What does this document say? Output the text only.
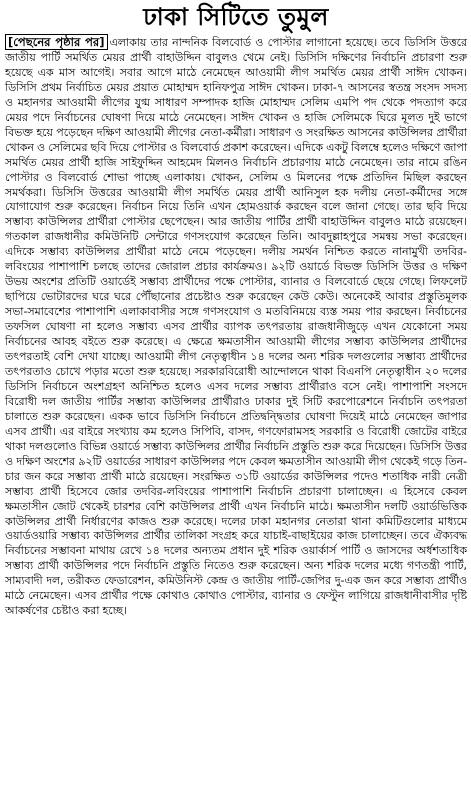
ঢাকা সিটিতে তুমুল

[পেছনের পৃষ্ঠার পর] এলাকায় তার নান্দনিক বিলবোর্ড ও পোস্টার লাগানো হয়েছে। তবে ডিসিসি উত্তরে জাতীয় পার্টি সমর্থিত মেয়র প্রার্থী বাহাউদ্দিন বাবুলও থেমে নেই। ডিসিসি দক্ষিণের নির্বাচনি প্রচারণা শুরু হয়েছে এক মাস আগেই। সবার আগে মাঠে নেমেছেন আওয়ামী লীগ সমর্থিত মেয়র প্রার্থী সাঈদ খোকন। ডিসিসি প্রথম নির্বাচিত মেয়র প্রয়াত মোহাম্মদ হানিফপুত্র সাঈদ খোকন। ঢাকা-৭ আসনের স্বতন্ত্র সংসদ সদস্য ও মহানগর আওয়ামী লীগের যুগ্ম সাধারণ সম্পাদক হাজি মোহাম্মদ সেলিম এমপি পদ থেকে পদত্যাগ করে মেয়র পদে নির্বাচনের ঘোষণা দিয়ে মাঠে নেমেছেন। সাঈদ খোকন ও হাজি সেলিমকে ঘিরে মূলত দুই ভাগে বিভক্ত হয়ে পড়েছেন দক্ষিণ আওয়ামী লীগের নেতা-কর্মীরা। সাধারণ ও সংরক্ষিত আসনের কাউন্সিলর প্রার্থীরা খোকন ও সেলিমের ছবি দিয়ে পোস্টার ও বিলবোর্ড প্রকাশ করেছেন। এদিকে একটু বিলম্বে হলেও দক্ষিণে জাপা সমর্থিত মেয়র প্রার্থী হাজি সাইফুদ্দিন আহমেদ মিলনও নির্বাচনি প্রচারণায় মাঠে নেমেছেন। তার নামে রঙিন পোস্টার ও বিলবোর্ড শোভা পাচ্ছে এলাকায়। খোকন, সেলিম ও মিলনের পক্ষে প্রতিদিন মিছিল করছেন সমর্থকরা। ডিসিসি উত্তরের আওয়ামী লীগ সমর্থিত মেয়র প্রার্থী আনিসুল হক দলীয় নেতা-কর্মীদের সঙ্গে যোগাযোগ শুরু করেছেন। নির্বাচন নিয়ে তিনি এখন হোমওয়ার্ক করছেন বলে জানা গেছে। তার ছবি দিয়ে সম্ভাব্য কাউন্সিলর প্রার্থীরা পোস্টার ছেপেছেন। আর জাতীয় পার্টির প্রার্থী বাহাউদ্দিন বাবুলও মাঠে রয়েছেন। গতকাল রাজধানীর কমিউনিটি সেন্টারে গণসংযোগ করেছেন তিনি। আবদুল্লাহপুরে সমন্বয় সভা করেছেন। এদিকে সম্ভাব্য কাউন্সিলর প্রার্থীরা মাঠে নেমে পড়েছেন। দলীয় সমর্থন নিশ্চিত করতে নানামুখী তদবির-লবিংয়ের পাশাপাশি চলছে তাদের জোরাল প্রচার কার্যক্রমও। ৯২টি ওয়ার্ডে বিভক্ত ডিসিসি উত্তর ও দক্ষিণ উভয় অংশের প্রতিটি ওয়ার্ডেই সম্ভাব্য প্রার্থীদের পক্ষে পোস্টার, ব্যানার ও বিলবোর্ডে ছেয়ে গেছে। লিফলেট ছাপিয়ে ভোটারদের ঘরে ঘরে পৌঁছানোর প্রচেষ্টাও শুরু করেছেন কেউ কেউ। অনেকেই আবার প্রস্তুতিমূলক সভা-সমাবেশের পাশাপাশি এলাকাবাসীর সঙ্গে গণসংযোগ ও মতবিনিময়ে ব্যস্ত সময় পার করছেন। নির্বাচনের তফসিল ঘোষণা না হলেও সম্ভাব্য এসব প্রার্থীর ব্যাপক তৎপরতায় রাজধানীজুড়ে এখন যেকোনো সময় নির্বাচনের আবহ বইতে শুরু করেছে। এ ক্ষেত্রে ক্ষমতাসীন আওয়ামী লীগের সম্ভাব্য কাউন্সিলর প্রার্থীদের তৎপরতাই বেশি দেখা যাচ্ছে। আওয়ামী লীগ নেতৃত্বাধীন ১৪ দলের অন্য শরিক দলগুলোর সম্ভাব্য প্রার্থীদের তৎপরতাও চোখে পড়ার মতো শুরু হয়েছে। সরকারবিরোধী আন্দোলনে থাকা বিএনপি নেতৃত্বাধীন ২০ দলের ডিসিসি নির্বাচনে অংশগ্রহণ অনিশ্চিত হলেও এসব দলের সম্ভাব্য প্রার্থীরাও বসে নেই। পাশাপাশি সংসদে বিরোধী দল জাতীয় পার্টির সম্ভাব্য কাউন্সিলর প্রার্থীরাও ঢাকার দুই সিটি করপোরেশনে নির্বাচনি তৎপরতা চালাতে শুরু করেছেন। একক ভাবে ডিসিসি নির্বাচনে প্রতিদ্বন্দ্বিতার ঘোষণা দিয়েই মাঠে নেমেছেন জাপার এসব প্রার্থী। এর বাইরে সংখ্যায় কম হলেও সিপিবি, বাসদ, গণফোরামসহ সরকারি ও বিরোধী জোটের বাইরে থাকা দলগুলোও বিভিন্ন ওয়ার্ডে সম্ভাব্য কাউন্সিলর প্রার্থীর নির্বাচনি প্রস্তুতি শুরু করে দিয়েছেন। ডিসিসি উত্তর ও দক্ষিণ অংশের ৯২টি ওয়ার্ডের সাধারণ কাউন্সিলর পদে কেবল ক্ষমতাসীন আওয়ামী লীগ থেকেই গড়ে তিন-চার জন করে সম্ভাব্য প্রার্থী মাঠে রয়েছেন। সংরক্ষিত ৩১টি ওয়ার্ডের কাউন্সিলর পদেও শতাধিক নারী নেত্রী সম্ভাব্য প্রার্থী হিসেবে জোর তদবির-লবিংয়ের পাশাপাশি নির্বাচনি প্রচারণা চালাচ্ছেন। এ হিসেবে কেবল ক্ষমতাসীন জোট থেকেই চারশর বেশি কাউন্সিলর প্রার্থী এখন নির্বাচনি মাঠে। ক্ষমতাসীন দলটি ওয়ার্ডভিত্তিক কাউন্সিলর প্রার্থী নির্ধারণের কাজও শুরু করেছে। দলের ঢাকা মহানগর নেতারা থানা কমিটিগুলোর মাধ্যমে ওয়ার্ডওয়ারি সম্ভাব্য কাউন্সিলর প্রার্থীর তালিকা সংগ্রহ করে যাচাই-বাছাইয়ের কাজ চালাচ্ছেন। তবে ঐক্যবদ্ধ নির্বাচনের সম্ভাবনা মাথায় রেখে ১৪ দলের অন্যতম প্রধান দুই শরিক ওয়ার্কার্স পার্টি ও জাসদের অর্ধশতাধিক সম্ভাব্য প্রার্থী কাউন্সিলর পদে নির্বাচনি প্রস্তুতি নিতেও শুরু করেছেন। অন্য শরিক দলের মধ্যে গণতন্ত্রী পার্টি, সাম্যবাদী দল, তরীকত ফেডারেশন, কমিউনিস্ট কেন্দ্র ও জাতীয় পার্টি-জেপির দু-এক জন করে সম্ভাব্য প্রার্থীও মাঠে নেমেছেন। এসব প্রার্থীর পক্ষে কোথাও কোথাও পোস্টার, ব্যানার ও ফেস্টুন লাগিয়ে রাজধানীবাসীর দৃষ্টি আকর্ষণের চেষ্টাও করা হচ্ছে।
